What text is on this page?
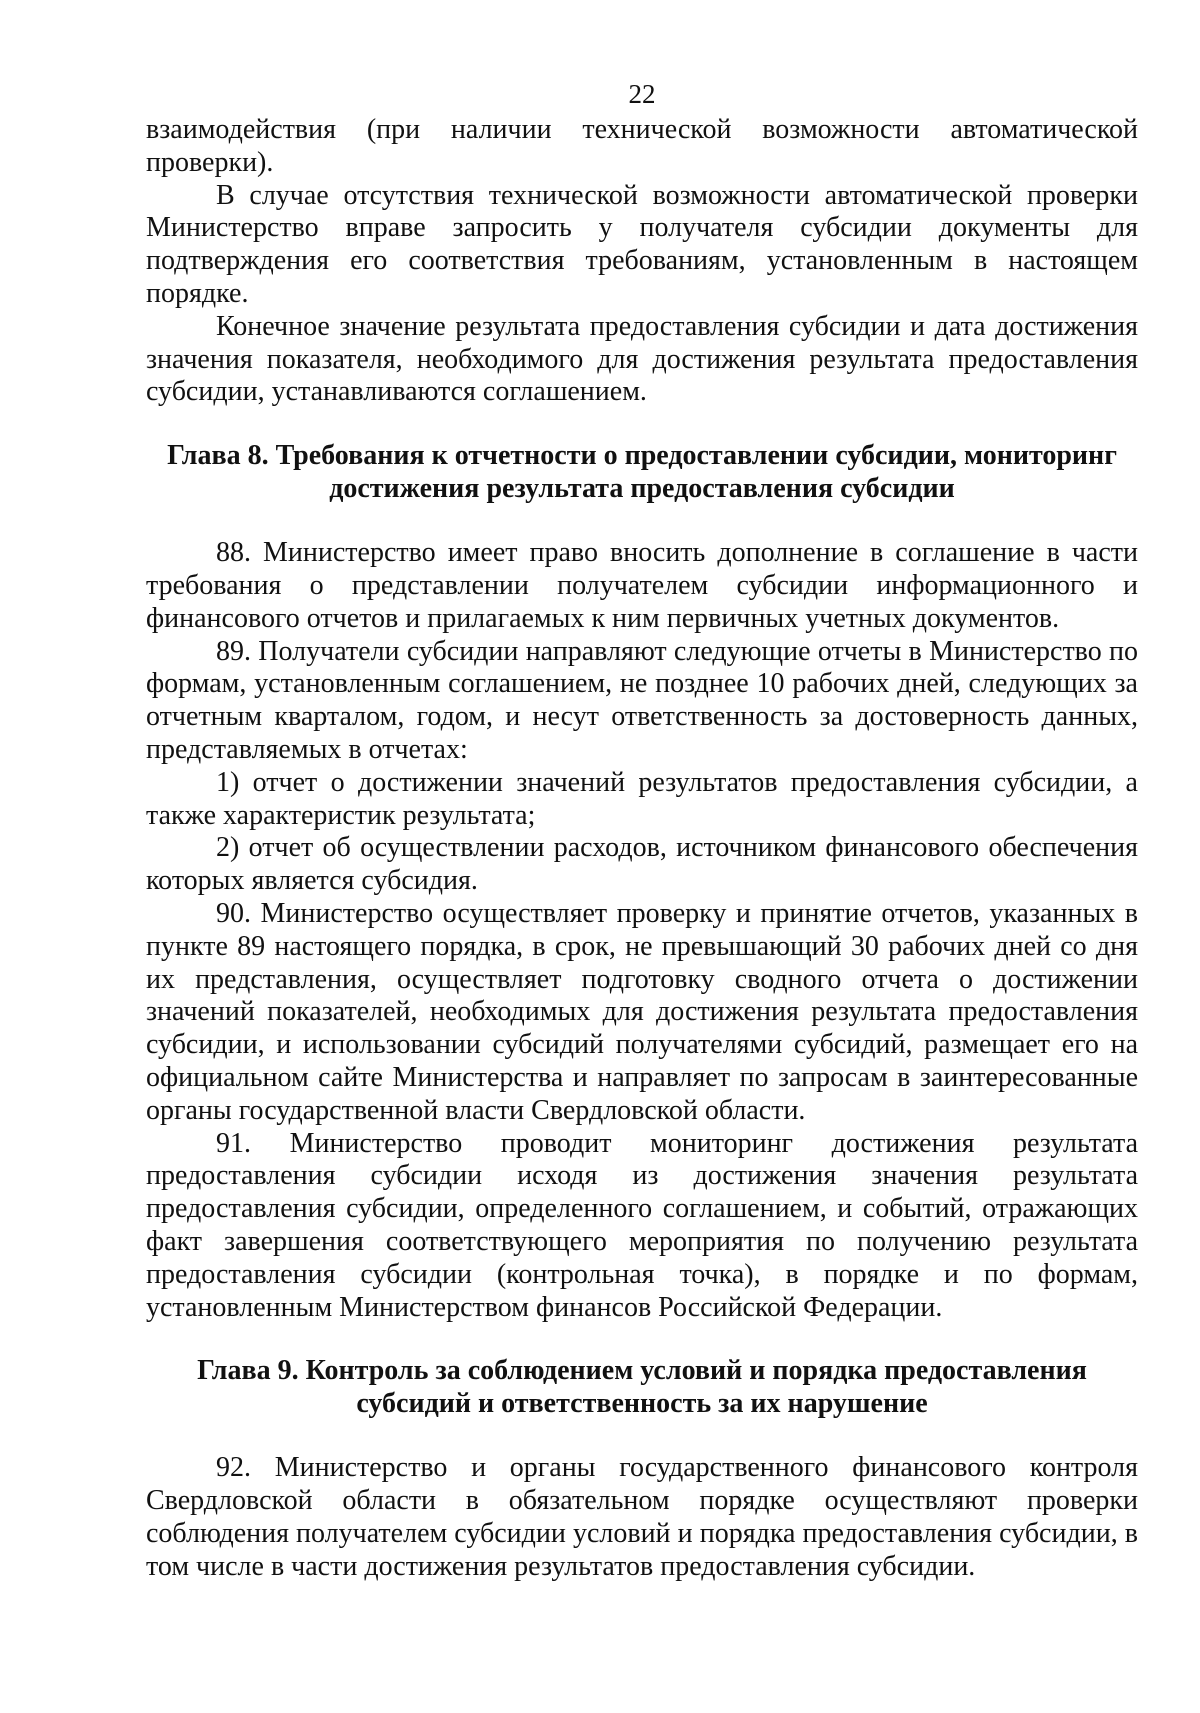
22

взаимодействия (при наличии технической возможности автоматической проверки).

В случае отсутствия технической возможности автоматической проверки Министерство вправе запросить у получателя субсидии документы для подтверждения его соответствия требованиям, установленным в настоящем порядке.

Конечное значение результата предоставления субсидии и дата достижения значения показателя, необходимого для достижения результата предоставления субсидии, устанавливаются соглашением.

Глава 8. Требования к отчетности о предоставлении субсидии, мониторинг достижения результата предоставления субсидии

88. Министерство имеет право вносить дополнение в соглашение в части требования о представлении получателем субсидии информационного и финансового отчетов и прилагаемых к ним первичных учетных документов.

89. Получатели субсидии направляют следующие отчеты в Министерство по формам, установленным соглашением, не позднее 10 рабочих дней, следующих за отчетным кварталом, годом, и несут ответственность за достоверность данных, представляемых в отчетах:

1) отчет о достижении значений результатов предоставления субсидии, а также характеристик результата;

2) отчет об осуществлении расходов, источником финансового обеспечения которых является субсидия.

90. Министерство осуществляет проверку и принятие отчетов, указанных в пункте 89 настоящего порядка, в срок, не превышающий 30 рабочих дней со дня их представления, осуществляет подготовку сводного отчета о достижении значений показателей, необходимых для достижения результата предоставления субсидии, и использовании субсидий получателями субсидий, размещает его на официальном сайте Министерства и направляет по запросам в заинтересованные органы государственной власти Свердловской области.

91. Министерство проводит мониторинг достижения результата предоставления субсидии исходя из достижения значения результата предоставления субсидии, определенного соглашением, и событий, отражающих факт завершения соответствующего мероприятия по получению результата предоставления субсидии (контрольная точка), в порядке и по формам, установленным Министерством финансов Российской Федерации.

Глава 9. Контроль за соблюдением условий и порядка предоставления субсидий и ответственность за их нарушение

92. Министерство и органы государственного финансового контроля Свердловской области в обязательном порядке осуществляют проверки соблюдения получателем субсидии условий и порядка предоставления субсидии, в том числе в части достижения результатов предоставления субсидии.
